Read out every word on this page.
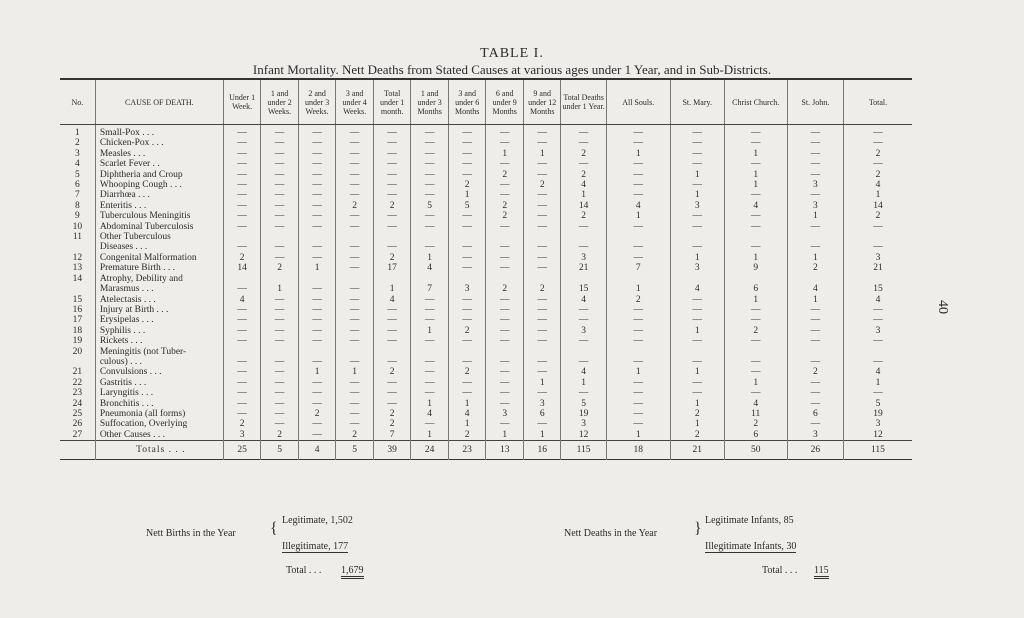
TABLE I.
Infant Mortality. Nett Deaths from Stated Causes at various ages under 1 Year, and in Sub-Districts.
40
No.	CAUSE OF DEATH.	Under 1 Week.	1 and under 2 Weeks.	2 and under 3 Weeks.	3 and under 4 Weeks.	Total under 1 month.	1 and under 3 Months	3 and under 6 Months	6 and under 9 Months	9 and under 12 Months	Total Deaths under 1 Year.	All Souls.	St. Mary.	Christ Church.	St. John.	Total.
1	Small-Pox . . .	—	—	—	—	—	—	—	—	—	—	—	—	—	—	—
2	Chicken-Pox . . .	—	—	—	—	—	—	—	—	—	—	—	—	—	—	—
3	Measles . . .	—	—	—	—	—	—	—	1	1	2	1	—	1	—	2
4	Scarlet Fever . .	—	—	—	—	—	—	—	—	—	—	—	—	—	—	—
5	Diphtheria and Croup	—	—	—	—	—	—	—	2	—	2	—	1	1	—	2
6	Whooping Cough . . .	—	—	—	—	—	—	2	—	2	4	—	—	1	3	4
7	Diarrhœa . . .	—	—	—	—	—	—	1	—	—	1	—	1	—	—	1
8	Enteritis . . .	—	—	—	2	2	5	5	2	—	14	4	3	4	3	14
9	Tuberculous Meningitis	—	—	—	—	—	—	—	2	—	2	1	—	—	1	2
10	Abdominal Tuberculosis	—	—	—	—	—	—	—	—	—	—	—	—	—	—	—
11	Other Tuberculous															
	Diseases . . .	—	—	—	—	—	—	—	—	—	—	—	—	—	—	—
12	Congenital Malformation	2	—	—	—	2	1	—	—	—	3	—	1	1	1	3
13	Premature Birth . . .	14	2	1	—	17	4	—	—	—	21	7	3	9	2	21
14	Atrophy, Debility and															
	Marasmus . . .	—	1	—	—	1	7	3	2	2	15	1	4	6	4	15
15	Atelectasis . . .	4	—	—	—	4	—	—	—	—	4	2	—	1	1	4
16	Injury at Birth . . .	—	—	—	—	—	—	—	—	—	—	—	—	—	—	—
17	Erysipelas . . .	—	—	—	—	—	—	—	—	—	—	—	—	—	—	—
18	Syphilis . . .	—	—	—	—	—	1	2	—	—	3	—	1	2	—	3
19	Rickets . . .	—	—	—	—	—	—	—	—	—	—	—	—	—	—	—
20	Meningitis (not Tuber-															
	culous) . . .	—	—	—	—	—	—	—	—	—	—	—	—	—	—	—
21	Convulsions . . .	—	—	1	1	2	—	2	—	—	4	1	1	—	2	4
22	Gastritis . . .	—	—	—	—	—	—	—	—	1	1	—	—	1	—	1
23	Laryngitis . . .	—	—	—	—	—	—	—	—	—	—	—	—	—	—	—
24	Bronchitis . . .	—	—	—	—	—	1	1	—	3	5	—	1	4	—	5
25	Pneumonia (all forms)	—	—	2	—	2	4	4	3	6	19	—	2	11	6	19
26	Suffocation, Overlying	2	—	—	—	2	—	1	—	—	3	—	1	2	—	3
27	Other Causes . . .	3	2	—	2	7	1	2	1	1	12	1	2	6	3	12
	Totals . . .	25	5	4	5	39	24	23	13	16	115	18	21	50	26	115
Nett Births in the Year { Legitimate, 1,502
Illegitimate, 177
Total . . . 1,679
Nett Deaths in the Year } Legitimate Infants, 85
Illegitimate Infants, 30
Total . . . 115
